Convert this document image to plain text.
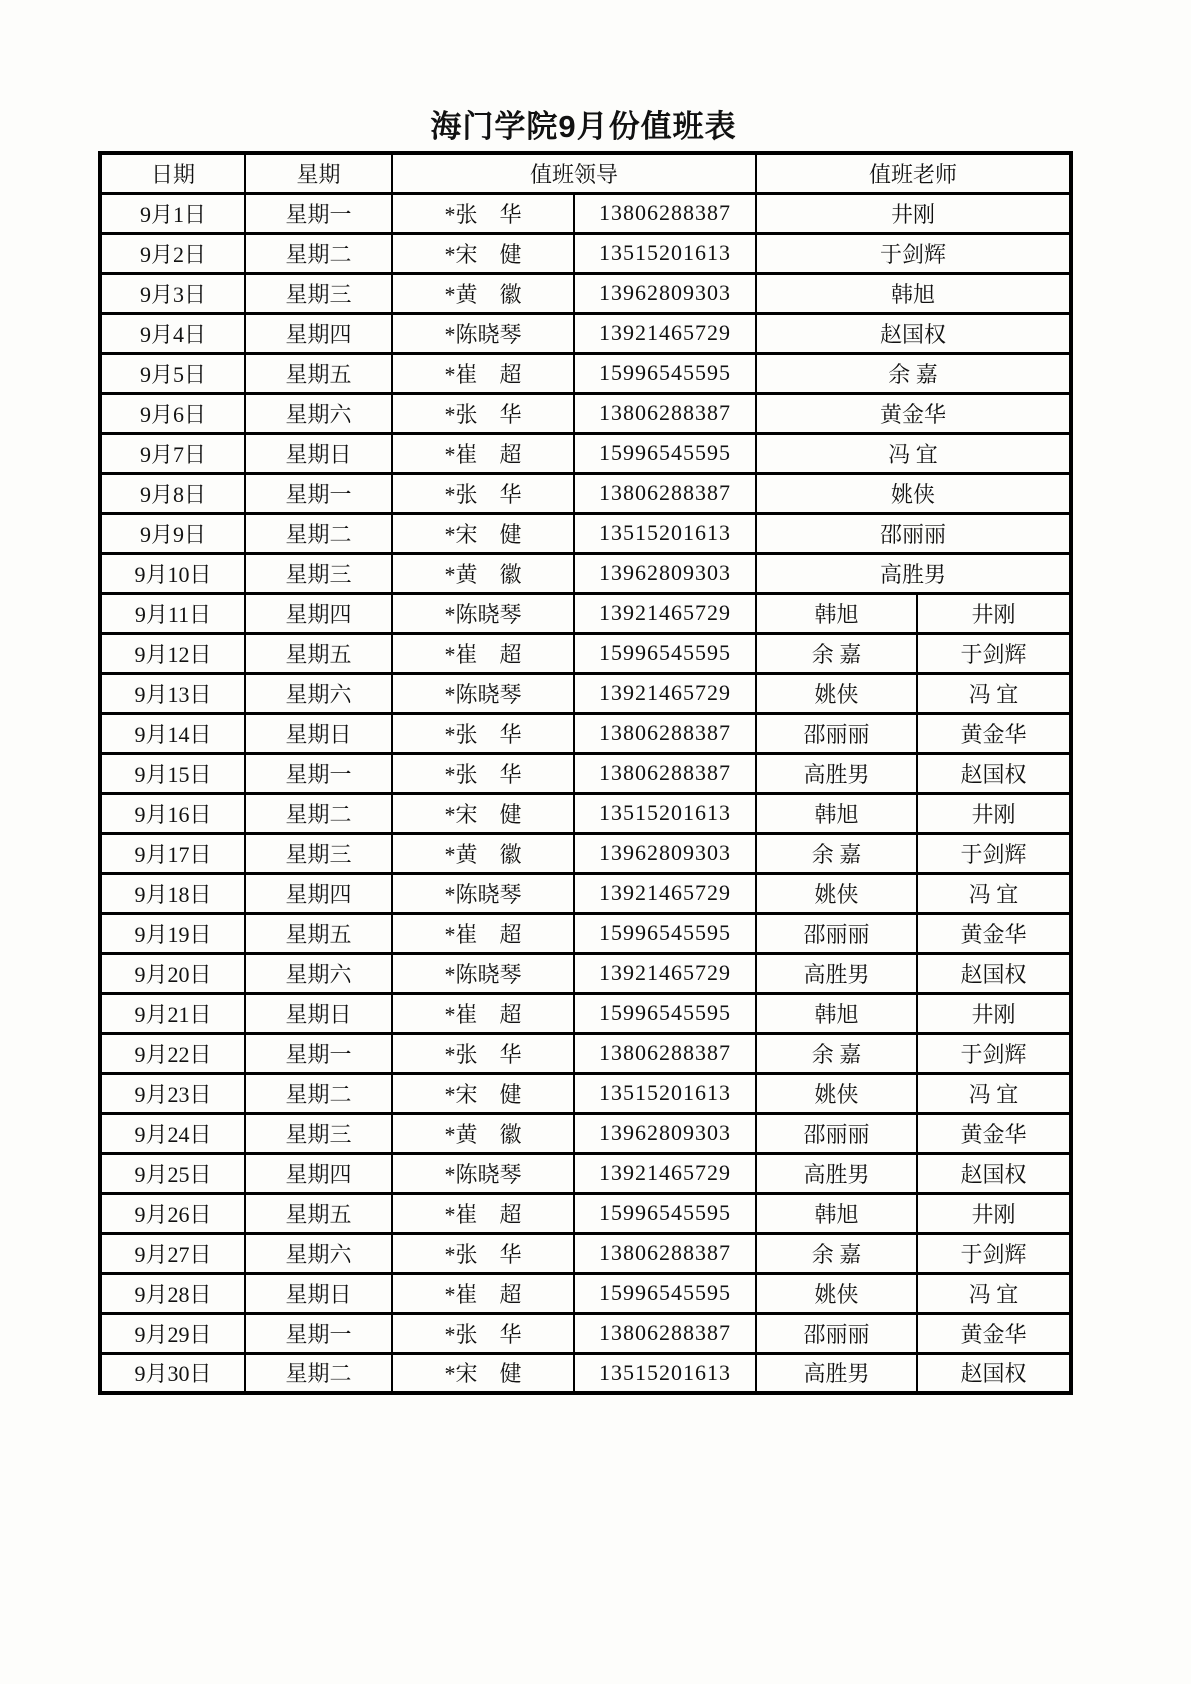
海门学院9月份值班表
日期	星期	值班领导		值班老师	
9月1日	星期一	*张　华	13806288387	井刚	
9月2日	星期二	*宋　健	13515201613	于剑辉	
9月3日	星期三	*黄　徽	13962809303	韩旭	
9月4日	星期四	*陈晓琴	13921465729	赵国权	
9月5日	星期五	*崔　超	15996545595	余 嘉	
9月6日	星期六	*张　华	13806288387	黄金华	
9月7日	星期日	*崔　超	15996545595	冯 宜	
9月8日	星期一	*张　华	13806288387	姚侠	
9月9日	星期二	*宋　健	13515201613	邵丽丽	
9月10日	星期三	*黄　徽	13962809303	高胜男	
9月11日	星期四	*陈晓琴	13921465729	韩旭	井刚
9月12日	星期五	*崔　超	15996545595	余 嘉	于剑辉
9月13日	星期六	*陈晓琴	13921465729	姚侠	冯 宜
9月14日	星期日	*张　华	13806288387	邵丽丽	黄金华
9月15日	星期一	*张　华	13806288387	高胜男	赵国权
9月16日	星期二	*宋　健	13515201613	韩旭	井刚
9月17日	星期三	*黄　徽	13962809303	余 嘉	于剑辉
9月18日	星期四	*陈晓琴	13921465729	姚侠	冯 宜
9月19日	星期五	*崔　超	15996545595	邵丽丽	黄金华
9月20日	星期六	*陈晓琴	13921465729	高胜男	赵国权
9月21日	星期日	*崔　超	15996545595	韩旭	井刚
9月22日	星期一	*张　华	13806288387	余 嘉	于剑辉
9月23日	星期二	*宋　健	13515201613	姚侠	冯 宜
9月24日	星期三	*黄　徽	13962809303	邵丽丽	黄金华
9月25日	星期四	*陈晓琴	13921465729	高胜男	赵国权
9月26日	星期五	*崔　超	15996545595	韩旭	井刚
9月27日	星期六	*张　华	13806288387	余 嘉	于剑辉
9月28日	星期日	*崔　超	15996545595	姚侠	冯 宜
9月29日	星期一	*张　华	13806288387	邵丽丽	黄金华
9月30日	星期二	*宋　健	13515201613	高胜男	赵国权
